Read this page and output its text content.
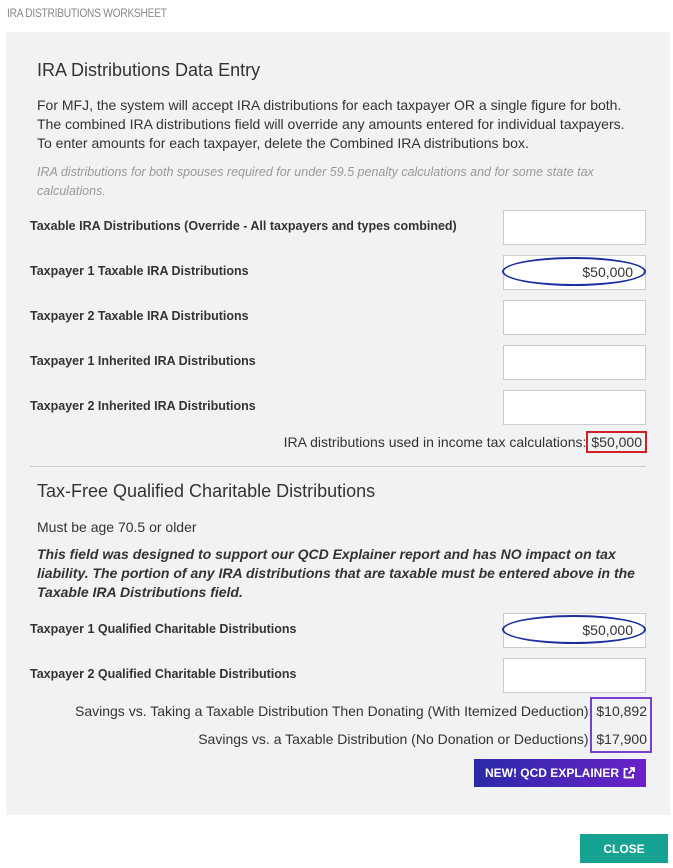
IRA DISTRIBUTIONS WORKSHEET
IRA Distributions Data Entry
For MFJ, the system will accept IRA distributions for each taxpayer OR a single figure for both.
The combined IRA distributions field will override any amounts entered for individual taxpayers.
To enter amounts for each taxpayer, delete the Combined IRA distributions box.
IRA distributions for both spouses required for under 59.5 penalty calculations and for some state tax calculations.
Taxable IRA Distributions (Override - All taxpayers and types combined)
Taxpayer 1 Taxable IRA Distributions	$50,000
Taxpayer 2 Taxable IRA Distributions
Taxpayer 1 Inherited IRA Distributions
Taxpayer 2 Inherited IRA Distributions
IRA distributions used in income tax calculations: $50,000
Tax-Free Qualified Charitable Distributions
Must be age 70.5 or older
This field was designed to support our QCD Explainer report and has NO impact on tax liability. The portion of any IRA distributions that are taxable must be entered above in the Taxable IRA Distributions field.
Taxpayer 1 Qualified Charitable Distributions	$50,000
Taxpayer 2 Qualified Charitable Distributions
Savings vs. Taking a Taxable Distribution Then Donating (With Itemized Deduction): $10,892
Savings vs. a Taxable Distribution (No Donation or Deductions): $17,900
NEW! QCD EXPLAINER
CLOSE
